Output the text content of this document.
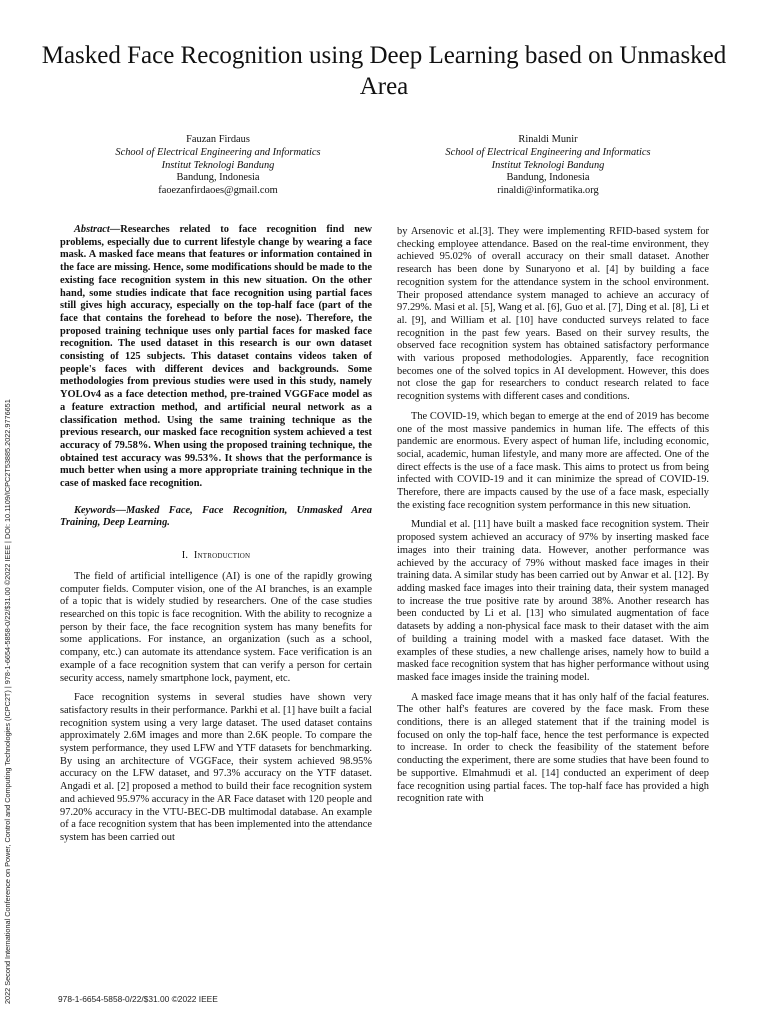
2022 Second International Conference on Power, Control and Computing Technologies (ICPC2T) | 978-1-6654-5858-0/22/$31.00 ©2022 IEEE | DOI: 10.1109/ICPC2T53885.2022.9776651
Masked Face Recognition using Deep Learning based on Unmasked Area
Fauzan Firdaus
School of Electrical Engineering and Informatics
Institut Teknologi Bandung
Bandung, Indonesia
faoezanfirdaoes@gmail.com
Rinaldi Munir
School of Electrical Engineering and Informatics
Institut Teknologi Bandung
Bandung, Indonesia
rinaldi@informatika.org

Abstract—Researches related to face recognition find new problems, especially due to current lifestyle change by wearing a face mask. A masked face means that features or information contained in the face are missing. Hence, some modifications should be made to the existing face recognition system in this new situation. On the other hand, some studies indicate that face recognition using partial faces still gives high accuracy, especially on the top-half face (part of the face that contains the forehead to before the nose). Therefore, the proposed training technique uses only partial faces for masked face recognition. The used dataset in this research is our own dataset consisting of 125 subjects. This dataset contains videos taken of people's faces with different devices and backgrounds. Some methodologies from previous studies were used in this study, namely YOLOv4 as a face detection method, pre-trained VGGFace model as a feature extraction method, and artificial neural network as a classification method. Using the same training technique as the previous research, our masked face recognition system achieved a test accuracy of 79.58%. When using the proposed training technique, the obtained test accuracy was 99.53%. It shows that the performance is much better when using a more appropriate training technique in the case of masked face recognition.

Keywords—Masked Face, Face Recognition, Unmasked Area Training, Deep Learning.

I. Introduction

The field of artificial intelligence (AI) is one of the rapidly growing computer fields. Computer vision, one of the AI branches, is an example of a topic that is widely studied by researchers. One of the case studies researched on this topic is face recognition. With the ability to recognize a person by their face, the face recognition system has many benefits for some applications. For instance, an organization (such as a school, company, etc.) can automate its attendance system. Face verification is an example of a face recognition system that can verify a person for certain security access, namely smartphone lock, payment, etc.

Face recognition systems in several studies have shown very satisfactory results in their performance. Parkhi et al. [1] have built a facial recognition system using a very large dataset. The used dataset contains approximately 2.6M images and more than 2.6K people. To compare the system performance, they used LFW and YTF datasets for benchmarking. By using an architecture of VGGFace, their system achieved 98.95% accuracy on the LFW dataset, and 97.3% accuracy on the YTF dataset. Angadi et al. [2] proposed a method to build their face recognition system and achieved 95.97% accuracy in the AR Face dataset with 120 people and 97.20% accuracy in the VTU-BEC-DB multimodal database. An example of a face recognition system that has been implemented into the attendance system has been carried out

by Arsenovic et al.[3]. They were implementing RFID-based system for checking employee attendance. Based on the real-time environment, they achieved 95.02% of overall accuracy on their small dataset. Another research has been done by Sunaryono et al. [4] by building a face recognition system for the attendance system in the school environment. Their proposed attendance system managed to achieve an accuracy of 97.29%. Masi et al. [5], Wang et al. [6], Guo et al. [7], Ding et al. [8], Li et al. [9], and William et al. [10] have conducted surveys related to face recognition in the past few years. Based on their survey results, the observed face recognition system has obtained satisfactory performance with various proposed methodologies. Apparently, face recognition becomes one of the solved topics in AI development. However, this does not close the gap for researchers to conduct research related to face recognition systems with different cases and conditions.

The COVID-19, which began to emerge at the end of 2019 has become one of the most massive pandemics in human life. The effects of this pandemic are enormous. Every aspect of human life, including economic, social, academic, human lifestyle, and many more are affected. One of the direct effects is the use of a face mask. This aims to protect us from being infected with COVID-19 and it can minimize the spread of COVID-19. Therefore, there are impacts caused by the use of a face mask, especially the existing face recognition system performance in this new situation.

Mundial et al. [11] have built a masked face recognition system. Their proposed system achieved an accuracy of 97% by inserting masked face images into their training data. However, another performance was achieved by the accuracy of 79% without masked face images in their training data. A similar study has been carried out by Anwar et al. [12]. By adding masked face images into their training data, their system managed to increase the true positive rate by around 38%. Another research has been conducted by Li et al. [13] who simulated augmentation of face datasets by adding a non-physical face mask to their dataset with the aim of building a training model with a masked face dataset. With the examples of these studies, a new challenge arises, namely how to build a masked face recognition system that has higher performance without using masked face images inside the training model.

A masked face image means that it has only half of the facial features. The other half's features are covered by the face mask. From these conditions, there is an alleged statement that if the training model is focused on only the top-half face, hence the test performance is expected to increase. In order to check the feasibility of the statement before conducting the experiment, there are some studies that have been found to be supportive. Elmahmudi et al. [14] conducted an experiment of deep face recognition using partial faces. The top-half face has provided a high recognition rate with

978-1-6654-5858-0/22/$31.00 ©2022 IEEE
